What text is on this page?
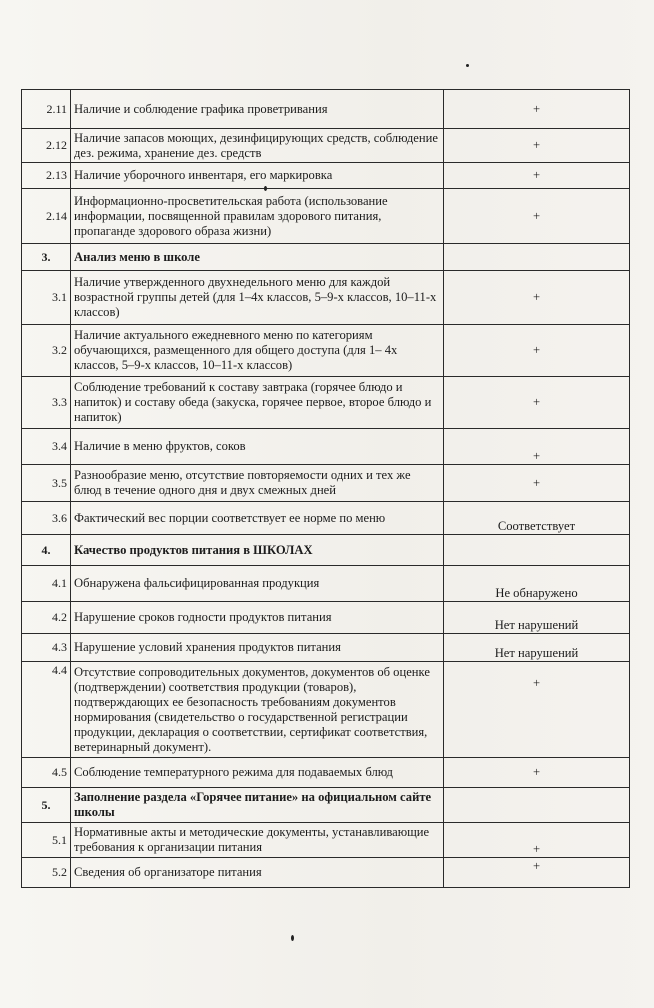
2.11	Наличие и соблюдение графика проветривания	+
2.12	Наличие запасов моющих, дезинфицирующих средств, соблюдение дез. режима, хранение дез. средств	+
2.13	Наличие уборочного инвентаря, его маркировка	+
2.14	Информационно-просветительская работа (использование информации, посвященной правилам здорового питания, пропаганде здорового образа жизни)	+
3.	Анализ меню в школе	
3.1	Наличие утвержденного двухнедельного меню для каждой возрастной группы детей (для 1–4х классов, 5–9-х классов, 10–11-х классов)	+
3.2	Наличие актуального ежедневного меню по категориям обучающихся, размещенного для общего доступа (для 1– 4х классов, 5–9-х классов, 10–11-х классов)	+
3.3	Соблюдение требований к составу завтрака (горячее блюдо и напиток) и составу обеда (закуска, горячее первое, второе блюдо и напиток)	+
3.4	Наличие в меню фруктов, соков	+
3.5	Разнообразие меню, отсутствие повторяемости одних и тех же блюд в течение одного дня и двух смежных дней	+
3.6	Фактический вес порции соответствует ее норме по меню	Соответствует
4.	Качество продуктов питания в ШКОЛАХ	
4.1	Обнаружена фальсифицированная продукция	Не обнаружено
4.2	Нарушение сроков годности продуктов питания	Нет нарушений
4.3	Нарушение условий хранения продуктов питания	Нет нарушений
4.4	Отсутствие сопроводительных документов, документов об оценке (подтверждении) соответствия продукции (товаров), подтверждающих ее безопасность требованиям документов нормирования (свидетельство о государственной регистрации продукции, декларация о соответствии, сертификат соответствия, ветеринарный документ).	+
4.5	Соблюдение температурного режима для подаваемых блюд	+
5.	Заполнение раздела «Горячее питание» на официальном сайте школы	
5.1	Нормативные акты и методические документы, устанавливающие требования к организации питания	+
5.2	Сведения об организаторе питания	+
